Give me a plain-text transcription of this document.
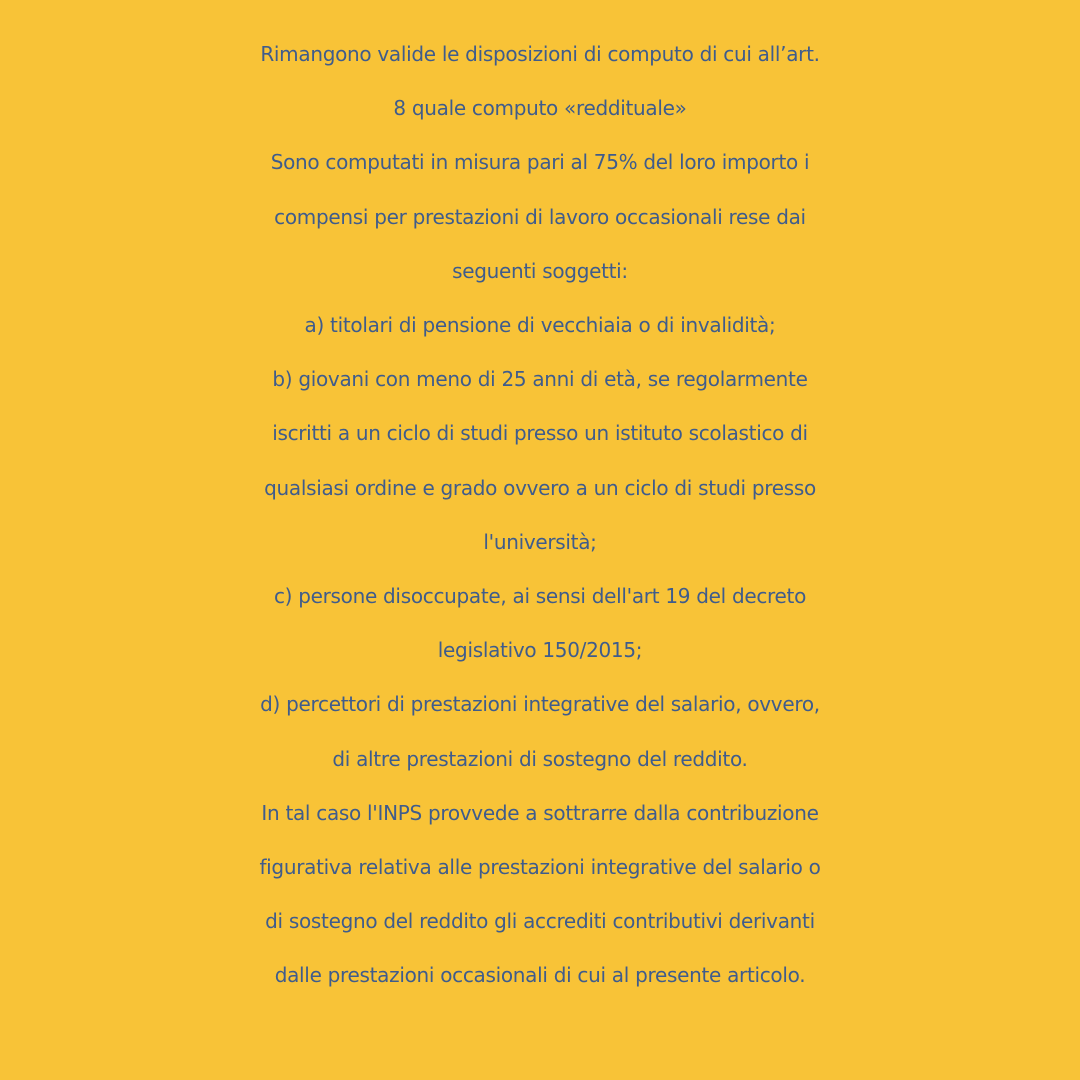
Rimangono valide le disposizioni di computo di cui all’art.
8 quale computo «reddituale»
Sono computati in misura pari al 75% del loro importo i
compensi per prestazioni di lavoro occasionali rese dai
seguenti soggetti:
a) titolari di pensione di vecchiaia o di invalidità;
b) giovani con meno di 25 anni di età, se regolarmente
iscritti a un ciclo di studi presso un istituto scolastico di
qualsiasi ordine e grado ovvero a un ciclo di studi presso
l'università;
c) persone disoccupate, ai sensi dell'art 19 del decreto
legislativo 150/2015;
d) percettori di prestazioni integrative del salario, ovvero,
di altre prestazioni di sostegno del reddito.
In tal caso l'INPS provvede a sottrarre dalla contribuzione
figurativa relativa alle prestazioni integrative del salario o
di sostegno del reddito gli accrediti contributivi derivanti
dalle prestazioni occasionali di cui al presente articolo.
